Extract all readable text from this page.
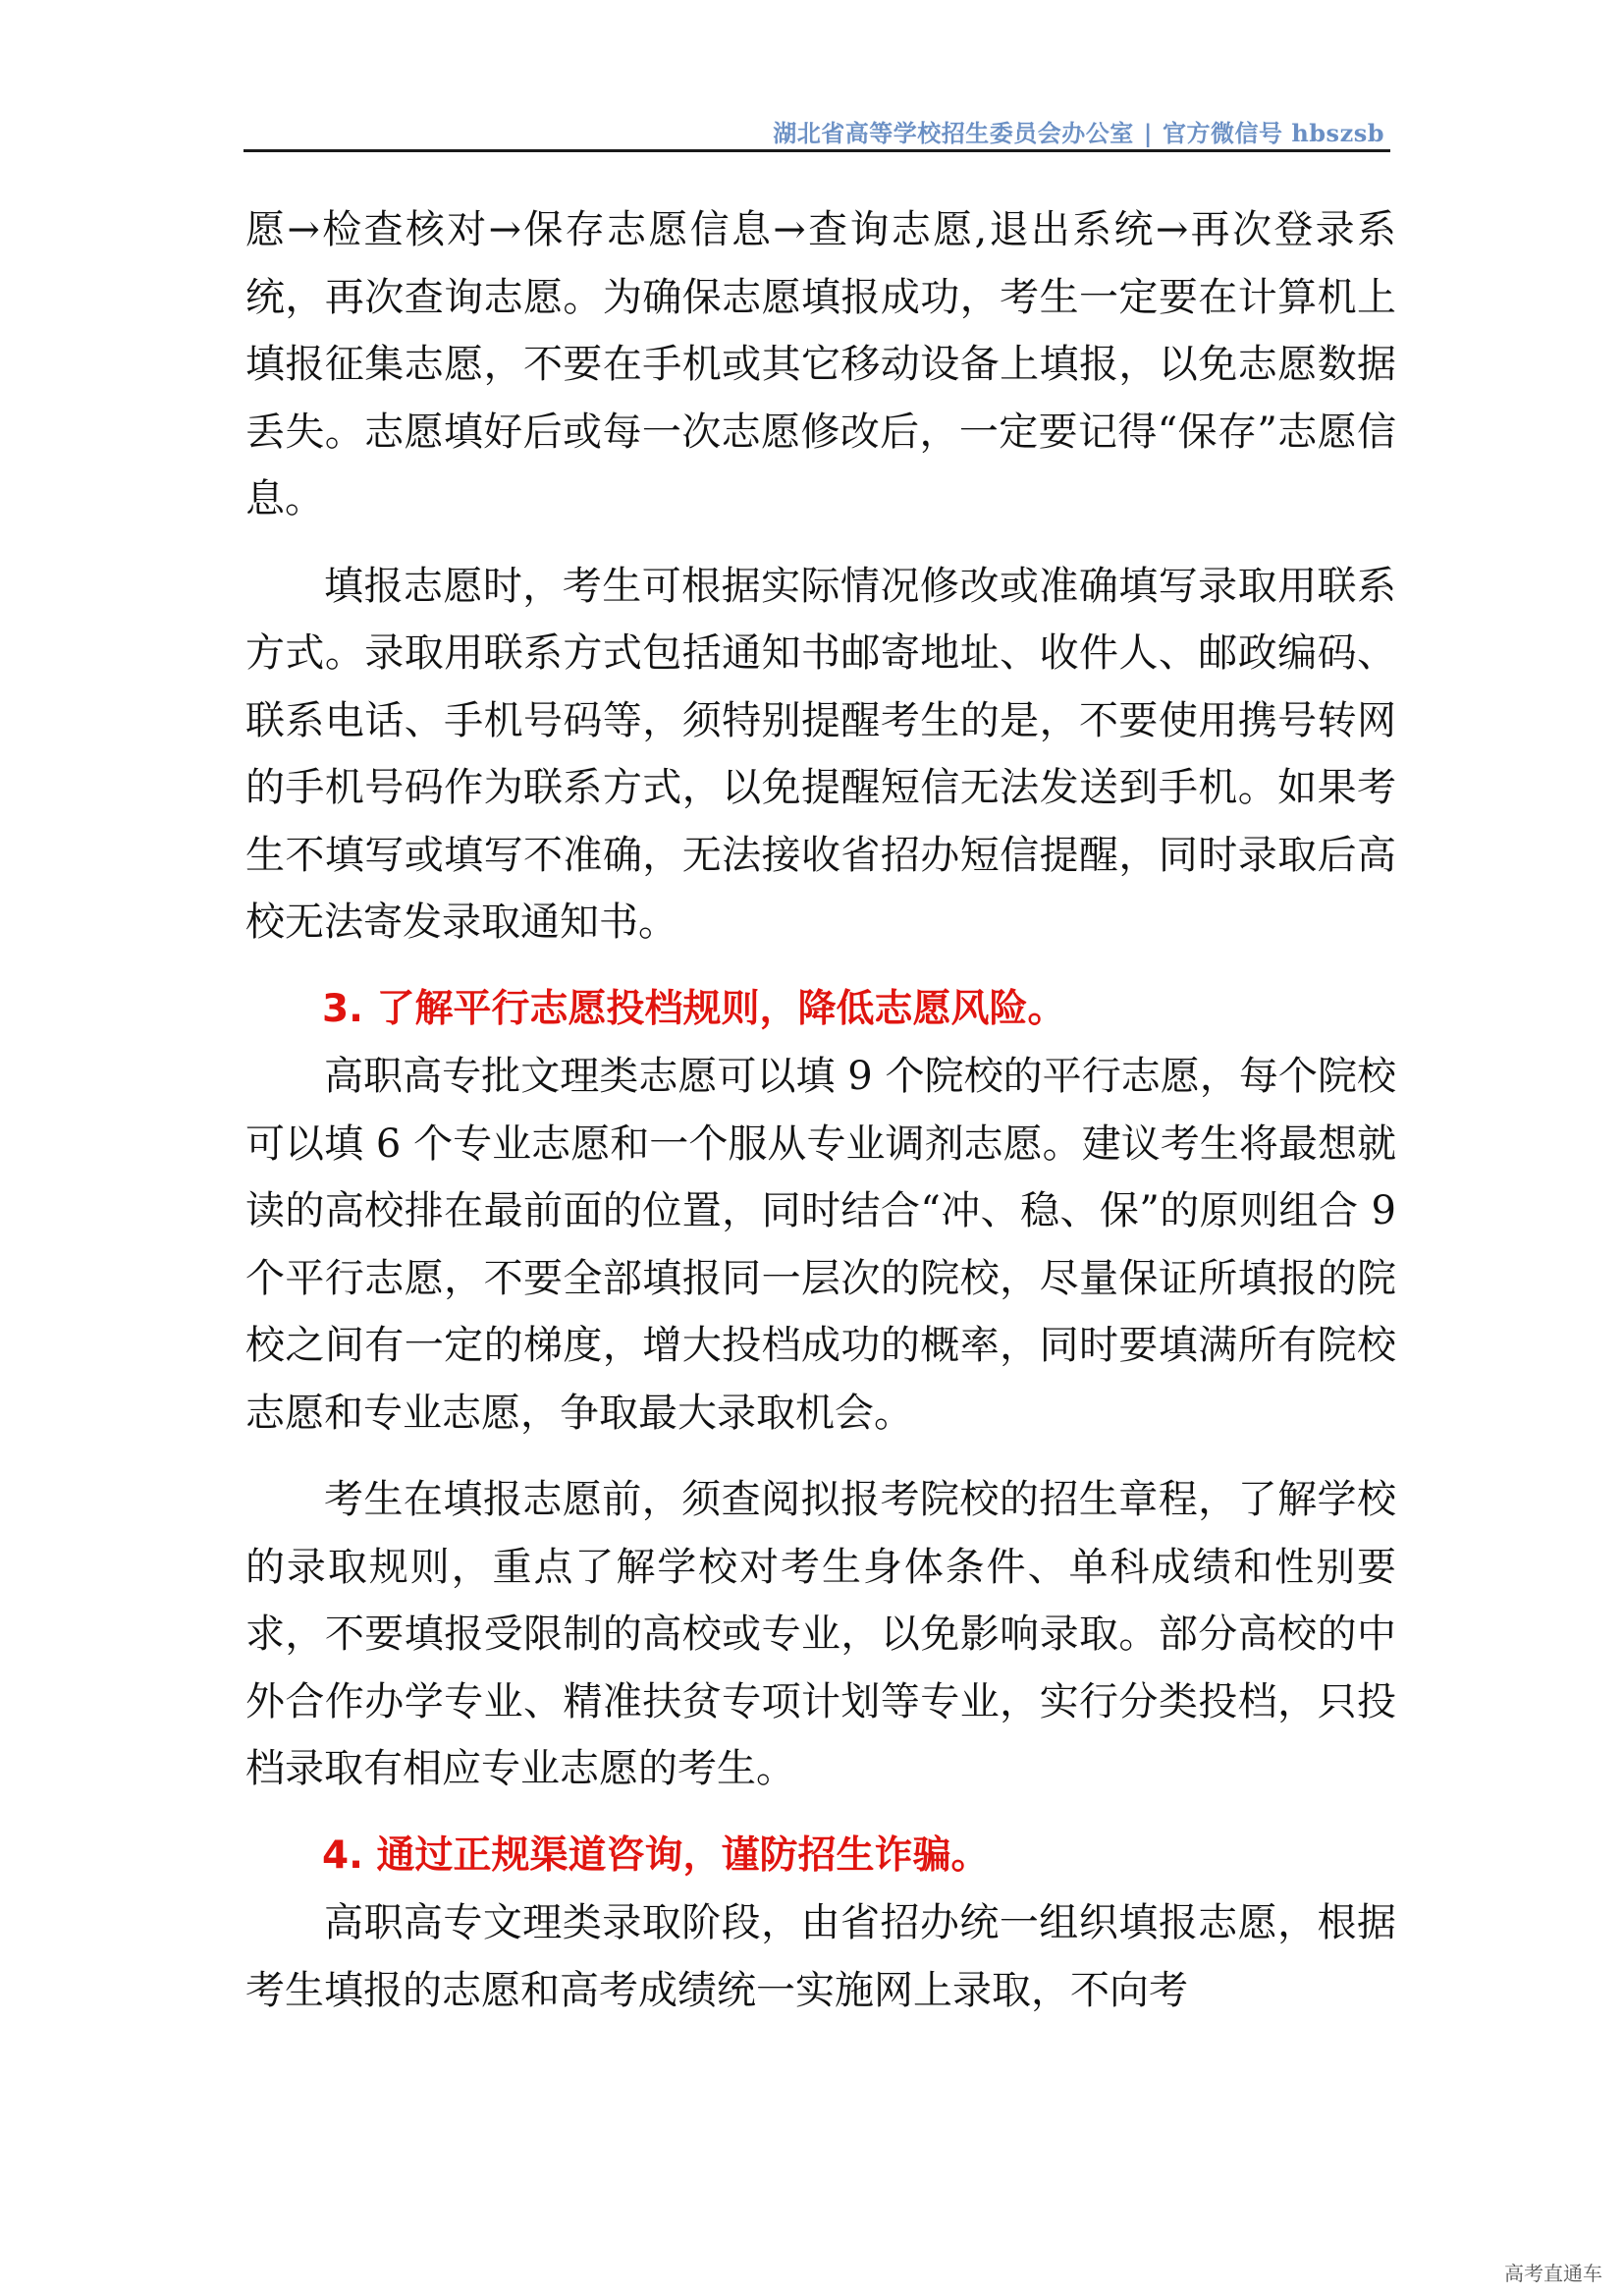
湖北省高等学校招生委员会办公室 | 官方微信号 hbszsb

愿→检查核对→保存志愿信息→查询志愿,退出系统→再次登录系统，再次查询志愿。为确保志愿填报成功，考生一定要在计算机上填报征集志愿，不要在手机或其它移动设备上填报，以免志愿数据丢失。志愿填好后或每一次志愿修改后，一定要记得“保存”志愿信息。

填报志愿时，考生可根据实际情况修改或准确填写录取用联系方式。录取用联系方式包括通知书邮寄地址、收件人、邮政编码、联系电话、手机号码等，须特别提醒考生的是，不要使用携号转网的手机号码作为联系方式，以免提醒短信无法发送到手机。如果考生不填写或填写不准确，无法接收省招办短信提醒，同时录取后高校无法寄发录取通知书。

3. 了解平行志愿投档规则，降低志愿风险。

高职高专批文理类志愿可以填 9 个院校的平行志愿，每个院校可以填 6 个专业志愿和一个服从专业调剂志愿。建议考生将最想就读的高校排在最前面的位置，同时结合“冲、稳、保”的原则组合 9 个平行志愿，不要全部填报同一层次的院校，尽量保证所填报的院校之间有一定的梯度，增大投档成功的概率，同时要填满所有院校志愿和专业志愿，争取最大录取机会。

考生在填报志愿前，须查阅拟报考院校的招生章程，了解学校的录取规则，重点了解学校对考生身体条件、单科成绩和性别要求，不要填报受限制的高校或专业，以免影响录取。部分高校的中外合作办学专业、精准扶贫专项计划等专业，实行分类投档，只投档录取有相应专业志愿的考生。

4. 通过正规渠道咨询，谨防招生诈骗。

高职高专文理类录取阶段，由省招办统一组织填报志愿，根据考生填报的志愿和高考成绩统一实施网上录取，不向考

高考直通车
